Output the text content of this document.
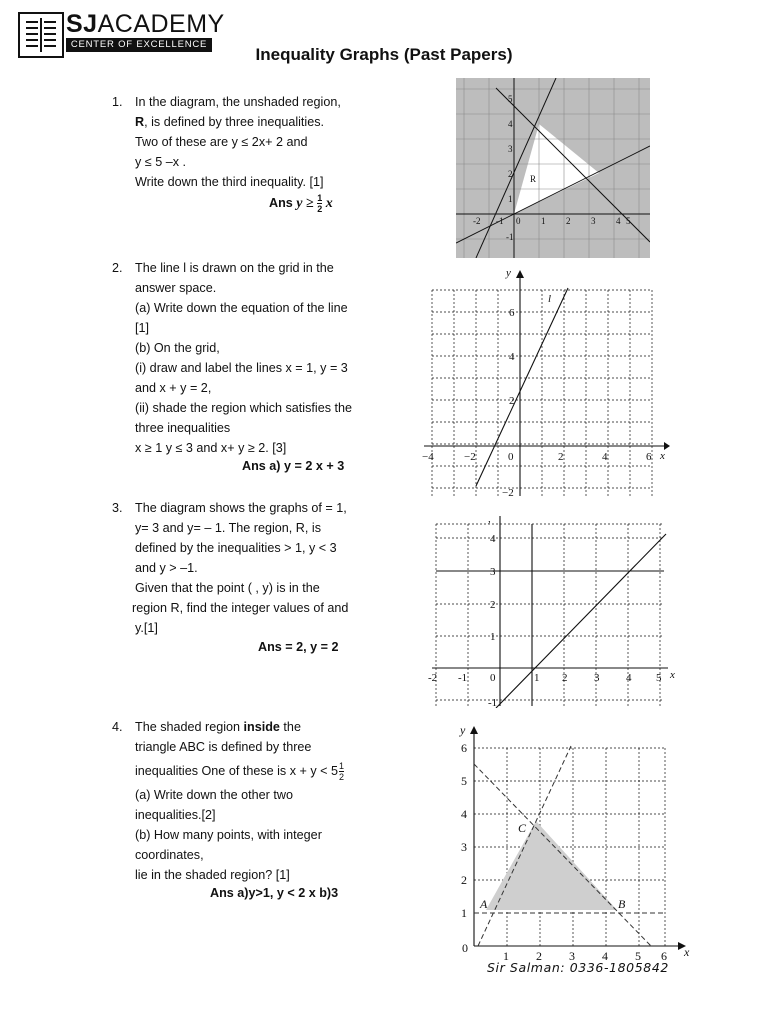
SJACADEMY
CENTER OF EXCELLENCE
Inequality Graphs (Past Papers)
1. In the diagram, the unshaded region,
R, is defined by three inequalities.
Two of these are y ≤ 2x+ 2 and
y ≤ 5 –x .
Write down the third inequality. [1]
Ans $y \ge \frac{1}{2}$ x
2. The line l is drawn on the grid in the
answer space.
(a) Write down the equation of the line
[1]
(b) On the grid,
(i) draw and label the lines x = 1, y = 3
and x + y = 2,
(ii) shade the region which satisfies the
three inequalities
x ≥ 1 y ≤ 3 and x+ y ≥ 2. [3]
Ans a) y = 2 x + 3
3. The diagram shows the graphs of = 1,
y= 3 and y= – 1. The region, R, is
defined by the inequalities > 1, y < 3
and y > –1.
Given that the point ( , y) is in the
region R, find the integer values of and
y.[1]
Ans = 2, y = 2
4. The shaded region inside the
triangle ABC is defined by three
inequalities One of these is $x + y < 5 \frac{1}{2}$
(a) Write down the other two
inequalities.[2]
(b) How many points, with integer
coordinates,
lie in the shaded region? [1]
Ans a)y>1, y < 2 x b)3
-2 -1 0 1 2 3 4 5
5
4
3
2
1
-1
R
y
x
−4	−2	0	2	4	6
6
4
2
−2
l
,
x
-2 -1 0	1 2 3 4 5
4
3
2
1
-1
y
x
0
1 2 3 4 5 6
6
5
4
3
2
1
A	B
C
Sir Salman: 0336-1805842
